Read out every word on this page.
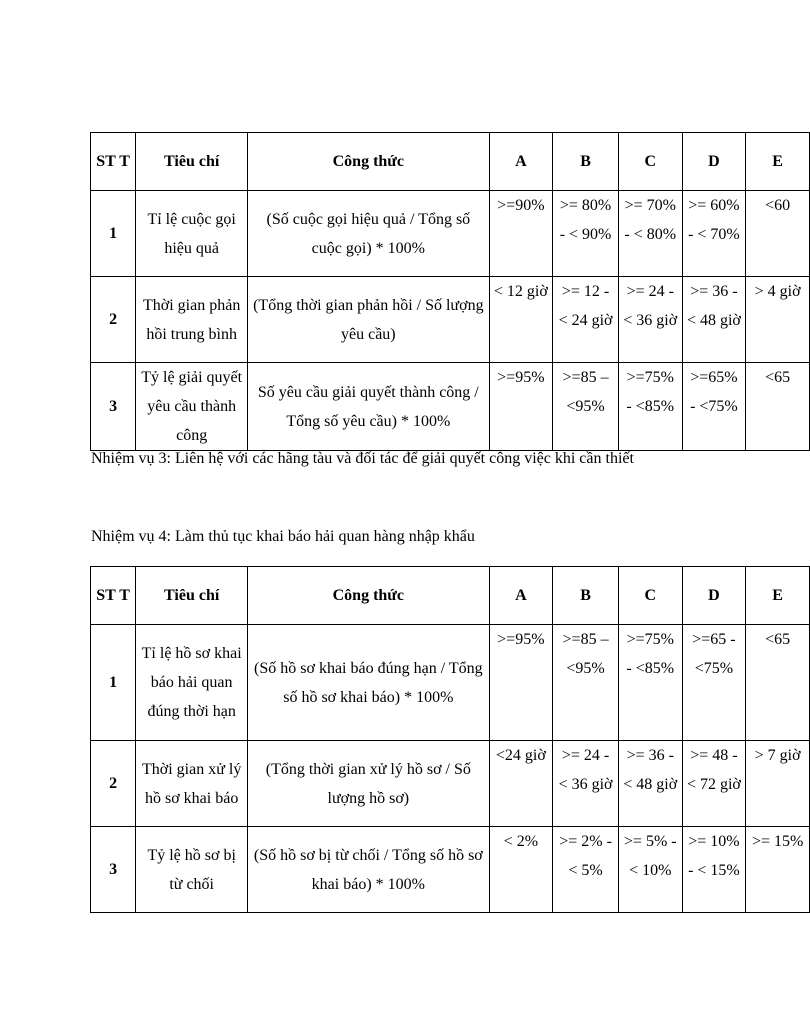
ST T	Tiêu chí	Công thức	A	B	C	D	E
1	Tỉ lệ cuộc gọi hiệu quả	(Số cuộc gọi hiệu quả / Tổng số cuộc gọi) * 100%	>=90%	>= 80% - < 90%	>= 70% - < 80%	>= 60% - < 70%	<60
2	Thời gian phản hồi trung bình	(Tổng thời gian phản hồi / Số lượng yêu cầu)	< 12 giờ	>= 12 - < 24 giờ	>= 24 - < 36 giờ	>= 36 - < 48 giờ	> 4 giờ
3	Tỷ lệ giải quyết yêu cầu thành công	Số yêu cầu giải quyết thành công / Tổng số yêu cầu) * 100%	>=95%	>=85 – <95%	>=75% - <85%	>=65% - <75%	<65
Nhiệm vụ 3: Liên hệ với các hãng tàu và đối tác để giải quyết công việc khi cần thiết
Nhiệm vụ 4: Làm thủ tục khai báo hải quan hàng nhập khẩu
ST T	Tiêu chí	Công thức	A	B	C	D	E
1	Tỉ lệ hồ sơ khai báo hải quan đúng thời hạn	(Số hồ sơ khai báo đúng hạn / Tổng số hồ sơ khai báo) * 100%	>=95%	>=85 – <95%	>=75% - <85%	>=65 - <75%	<65
2	Thời gian xử lý hồ sơ khai báo	(Tổng thời gian xử lý hồ sơ / Số lượng hồ sơ)	<24 giờ	>= 24 - < 36 giờ	>= 36 - < 48 giờ	>= 48 - < 72 giờ	> 7 giờ
3	Tỷ lệ hồ sơ bị từ chối	(Số hồ sơ bị từ chối / Tổng số hồ sơ khai báo) * 100%	< 2%	>= 2% - < 5%	>= 5% - < 10%	>= 10% - < 15%	>= 15%
